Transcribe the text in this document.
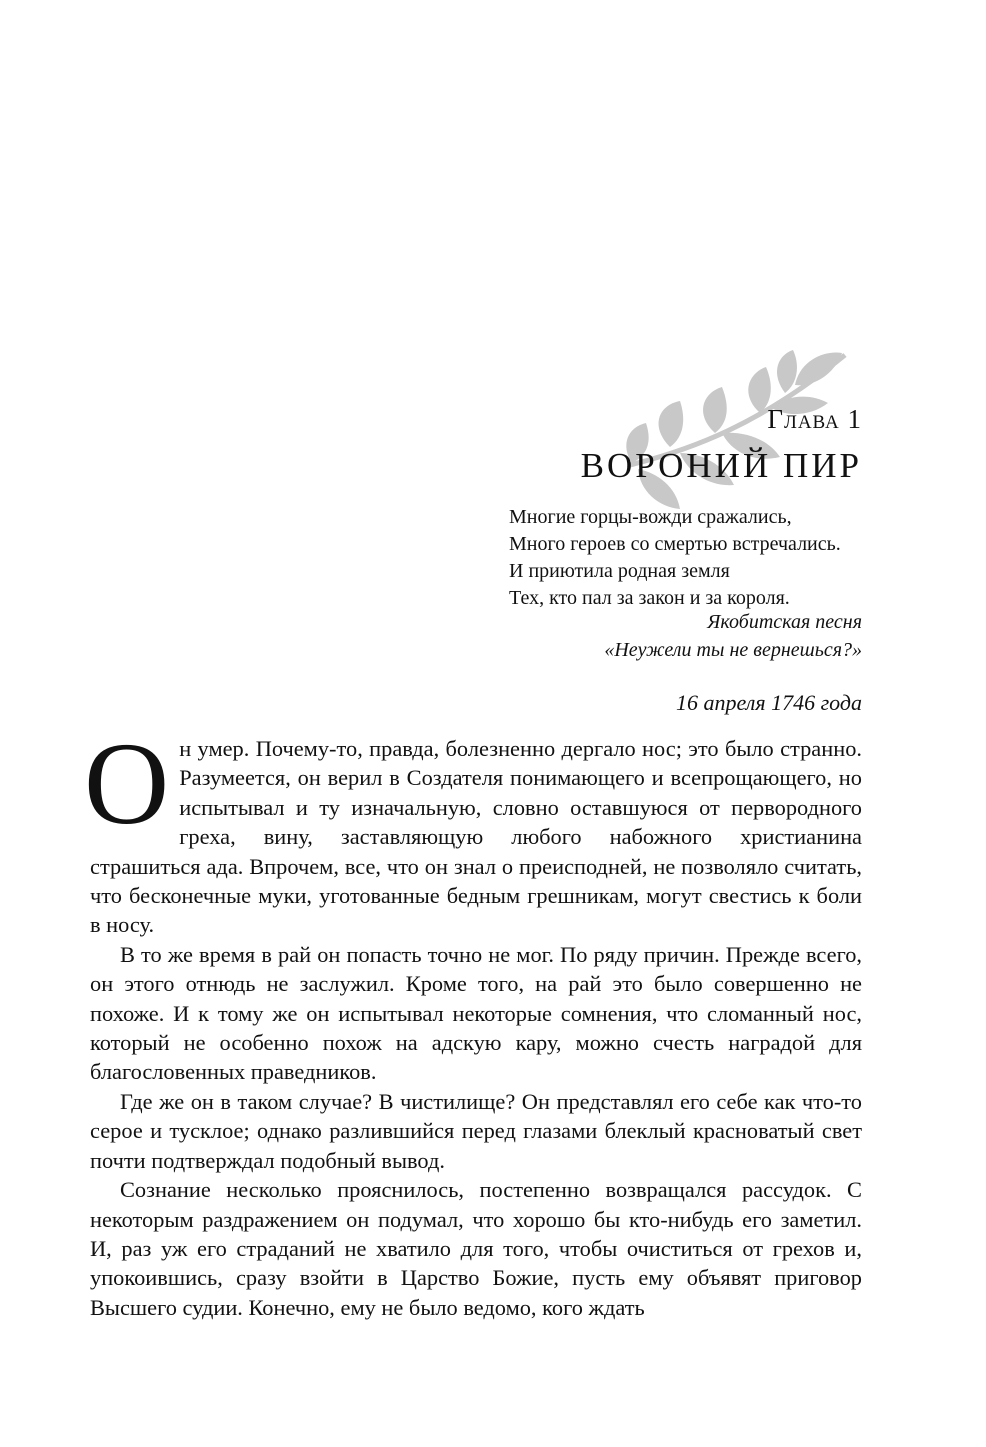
Глава 1
ВОРОНИЙ ПИР
Многие горцы-вожди сражались,
Много героев со смертью встречались.
И приютила родная земля
Тех, кто пал за закон и за короля.
Якобитская песня
«Неужели ты не вернешься?»
16 апреля 1746 года

Он умер. Почему-то, правда, болезненно дергало нос; это было странно. Разумеется, он верил в Создателя понимающего и всепрощающего, но испытывал и ту изначальную, словно оставшуюся от первородного греха, вину, заставляющую любого набожного христианина страшиться ада. Впрочем, все, что он знал о преисподней, не позволяло считать, что бесконечные муки, уготованные бедным грешникам, могут свестись к боли в носу.

В то же время в рай он попасть точно не мог. По ряду причин. Прежде всего, он этого отнюдь не заслужил. Кроме того, на рай это было совершенно не похоже. И к тому же он испытывал некоторые сомнения, что сломанный нос, который не особенно похож на адскую кару, можно счесть наградой для благословенных праведников.

Где же он в таком случае? В чистилище? Он представлял его себе как что-то серое и тусклое; однако разлившийся перед глазами блеклый красноватый свет почти подтверждал подобный вывод.

Сознание несколько прояснилось, постепенно возвращался рассудок. С некоторым раздражением он подумал, что хорошо бы кто-нибудь его заметил. И, раз уж его страданий не хватило для того, чтобы очиститься от грехов и, упокоившись, сразу взойти в Царство Божие, пусть ему объявят приговор Высшего судии. Конечно, ему не было ведомо, кого ждать
